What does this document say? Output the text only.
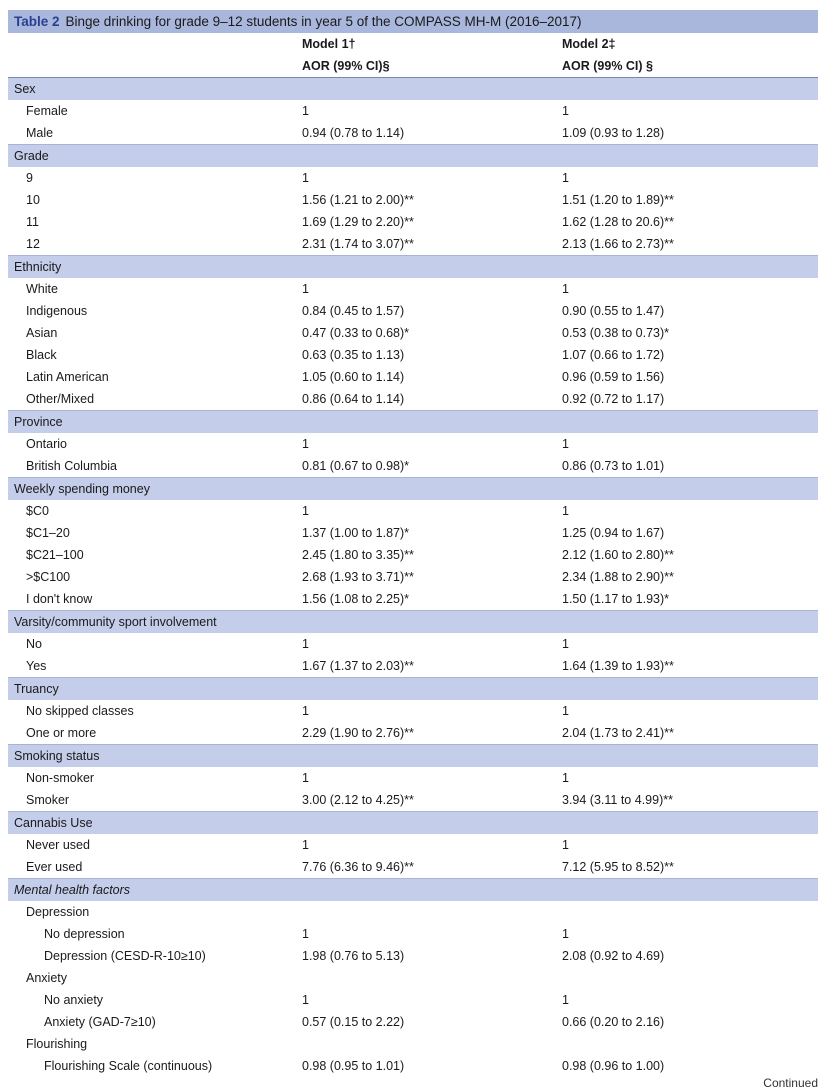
Table 2 Binge drinking for grade 9–12 students in year 5 of the COMPASS MH-M (2016–2017)
	Model 1†	Model 2‡
	AOR (99% CI)§	AOR (99% CI) §
Sex		
Female	1	1
Male	0.94 (0.78 to 1.14)	1.09 (0.93 to 1.28)
Grade		
9	1	1
10	1.56 (1.21 to 2.00)**	1.51 (1.20 to 1.89)**
11	1.69 (1.29 to 2.20)**	1.62 (1.28 to 20.6)**
12	2.31 (1.74 to 3.07)**	2.13 (1.66 to 2.73)**
Ethnicity		
White	1	1
Indigenous	0.84 (0.45 to 1.57)	0.90 (0.55 to 1.47)
Asian	0.47 (0.33 to 0.68)*	0.53 (0.38 to 0.73)*
Black	0.63 (0.35 to 1.13)	1.07 (0.66 to 1.72)
Latin American	1.05 (0.60 to 1.14)	0.96 (0.59 to 1.56)
Other/Mixed	0.86 (0.64 to 1.14)	0.92 (0.72 to 1.17)
Province		
Ontario	1	1
British Columbia	0.81 (0.67 to 0.98)*	0.86 (0.73 to 1.01)
Weekly spending money		
$C0	1	1
$C1–20	1.37 (1.00 to 1.87)*	1.25 (0.94 to 1.67)
$C21–100	2.45 (1.80 to 3.35)**	2.12 (1.60 to 2.80)**
>$C100	2.68 (1.93 to 3.71)**	2.34 (1.88 to 2.90)**
I don't know	1.56 (1.08 to 2.25)*	1.50 (1.17 to 1.93)*
Varsity/community sport involvement		
No	1	1
Yes	1.67 (1.37 to 2.03)**	1.64 (1.39 to 1.93)**
Truancy		
No skipped classes	1	1
One or more	2.29 (1.90 to 2.76)**	2.04 (1.73 to 2.41)**
Smoking status		
Non-smoker	1	1
Smoker	3.00 (2.12 to 4.25)**	3.94 (3.11 to 4.99)**
Cannabis Use		
Never used	1	1
Ever used	7.76 (6.36 to 9.46)**	7.12 (5.95 to 8.52)**
Mental health factors		
Depression		
No depression	1	1
Depression (CESD-R-10≥10)	1.98 (0.76 to 5.13)	2.08 (0.92 to 4.69)
Anxiety		
No anxiety	1	1
Anxiety (GAD-7≥10)	0.57 (0.15 to 2.22)	0.66 (0.20 to 2.16)
Flourishing		
Flourishing Scale (continuous)	0.98 (0.95 to 1.01)	0.98 (0.96 to 1.00)
Continued
